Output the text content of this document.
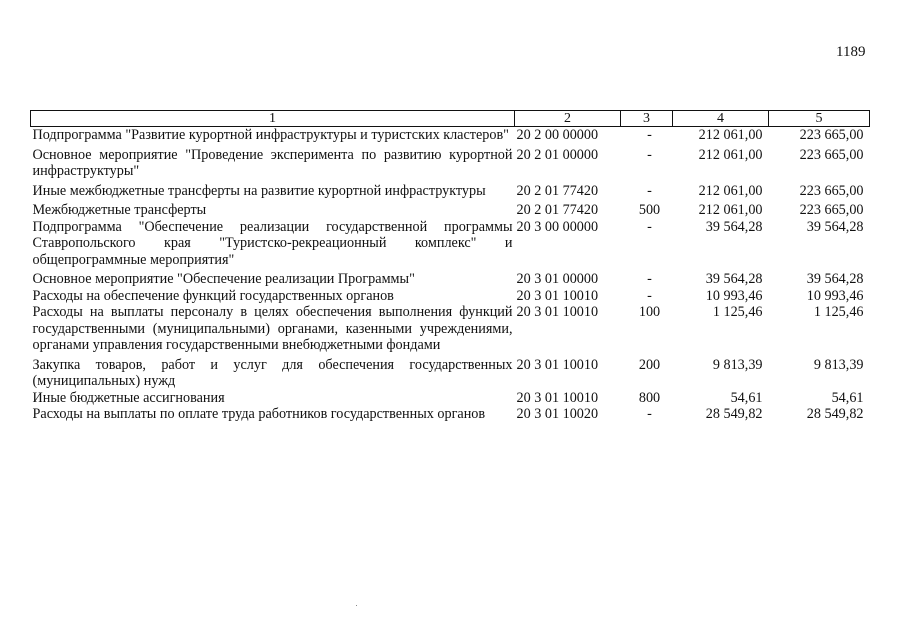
1189
1	2	3	4	5
Подпрограмма "Развитие курортной инфраструктуры и туристских кластеров"	20 2 00 00000	-	212 061,00	223 665,00
Основное мероприятие "Проведение эксперимента по развитию курортной инфраструктуры"	20 2 01 00000	-	212 061,00	223 665,00
Иные межбюджетные трансферты на развитие курортной инфраструктуры	20 2 01 77420	-	212 061,00	223 665,00
Межбюджетные трансферты	20 2 01 77420	500	212 061,00	223 665,00
Подпрограмма "Обеспечение реализации государственной программы Ставропольского края "Туристско-рекреационный комплекс" и общепрограммные мероприятия"	20 3 00 00000	-	39 564,28	39 564,28
Основное мероприятие "Обеспечение реализации Программы"	20 3 01 00000	-	39 564,28	39 564,28
Расходы на обеспечение функций государственных органов	20 3 01 10010	-	10 993,46	10 993,46
Расходы на выплаты персоналу в целях обеспечения выполнения функций государственными (муниципальными) органами, казенными учреждениями, органами управления государственными внебюджетными фондами	20 3 01 10010	100	1 125,46	1 125,46
Закупка товаров, работ и услуг для обеспечения государственных (муниципальных) нужд	20 3 01 10010	200	9 813,39	9 813,39
Иные бюджетные ассигнования	20 3 01 10010	800	54,61	54,61
Расходы на выплаты по оплате труда работников государственных органов	20 3 01 10020	-	28 549,82	28 549,82
